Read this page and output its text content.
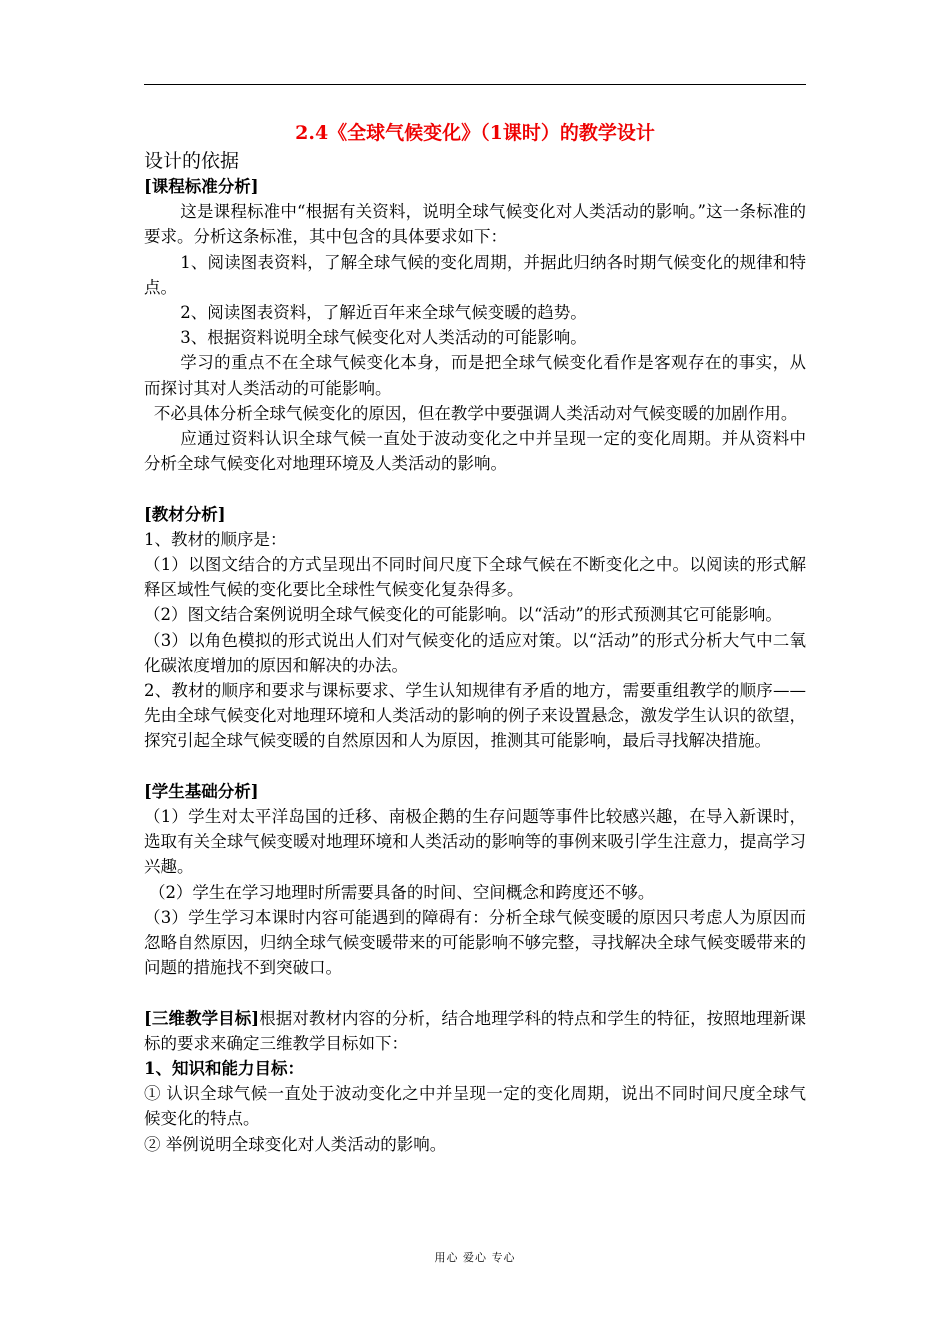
2.4《全球气候变化》（1课时）的教学设计
设计的依据
[课程标准分析]

这是课程标准中“根据有关资料，说明全球气候变化对人类活动的影响。”这一条标准的要求。分析这条标准，其中包含的具体要求如下：

1、阅读图表资料，了解全球气候的变化周期，并据此归纳各时期气候变化的规律和特点。

2、阅读图表资料，了解近百年来全球气候变暖的趋势。

3、根据资料说明全球气候变化对人类活动的可能影响。

学习的重点不在全球气候变化本身，而是把全球气候变化看作是客观存在的事实，从而探讨其对人类活动的可能影响。

不必具体分析全球气候变化的原因，但在教学中要强调人类活动对气候变暖的加剧作用。

应通过资料认识全球气候一直处于波动变化之中并呈现一定的变化周期。并从资料中分析全球气候变化对地理环境及人类活动的影响。

[教材分析]

1、教材的顺序是：

（1）以图文结合的方式呈现出不同时间尺度下全球气候在不断变化之中。以阅读的形式解释区域性气候的变化要比全球性气候变化复杂得多。

（2）图文结合案例说明全球气候变化的可能影响。以“活动”的形式预测其它可能影响。

（3）以角色模拟的形式说出人们对气候变化的适应对策。以“活动”的形式分析大气中二氧化碳浓度增加的原因和解决的办法。

2、教材的顺序和要求与课标要求、学生认知规律有矛盾的地方，需要重组教学的顺序——先由全球气候变化对地理环境和人类活动的影响的例子来设置悬念，激发学生认识的欲望，探究引起全球气候变暖的自然原因和人为原因，推测其可能影响，最后寻找解决措施。

[学生基础分析]

（1）学生对太平洋岛国的迁移、南极企鹅的生存问题等事件比较感兴趣，在导入新课时，选取有关全球气候变暖对地理环境和人类活动的影响等的事例来吸引学生注意力，提高学习兴趣。

（2）学生在学习地理时所需要具备的时间、空间概念和跨度还不够。

（3）学生学习本课时内容可能遇到的障碍有：分析全球气候变暖的原因只考虑人为原因而忽略自然原因，归纳全球气候变暖带来的可能影响不够完整，寻找解决全球气候变暖带来的问题的措施找不到突破口。

[三维教学目标]根据对教材内容的分析，结合地理学科的特点和学生的特征，按照地理新课标的要求来确定三维教学目标如下：

1、知识和能力目标：

① 认识全球气候一直处于波动变化之中并呈现一定的变化周期，说出不同时间尺度全球气候变化的特点。

② 举例说明全球变化对人类活动的影响。

用心 爱心 专心
